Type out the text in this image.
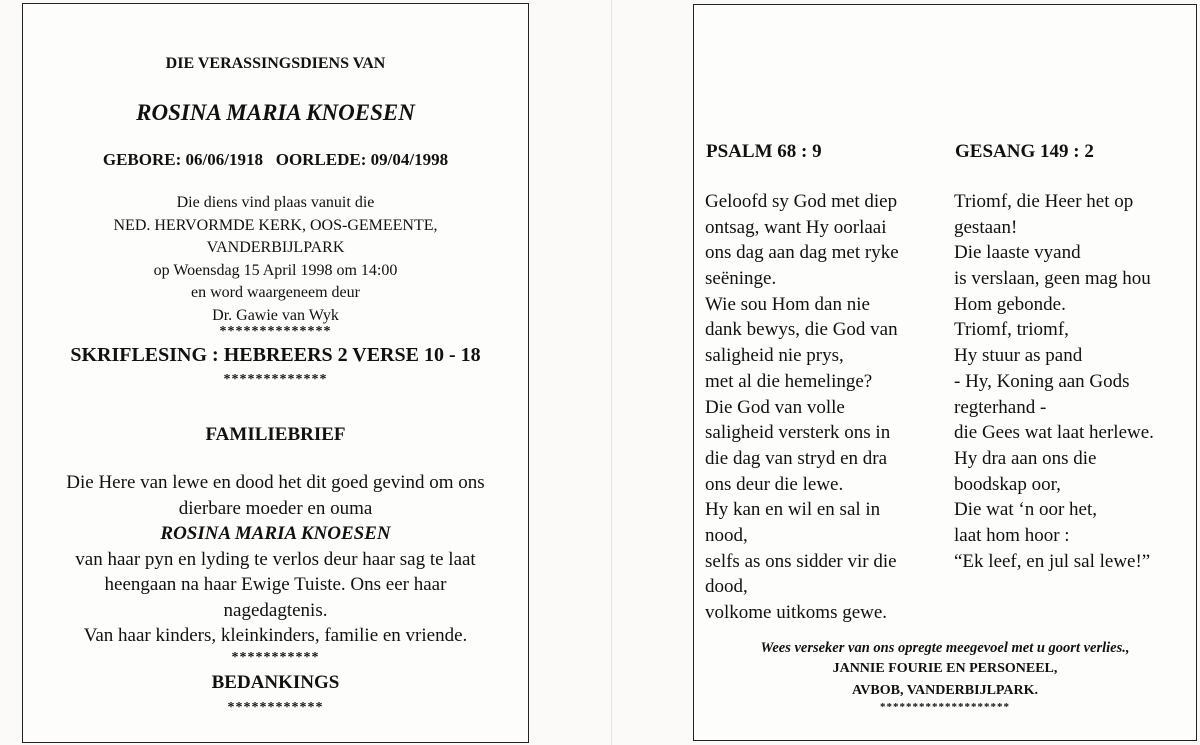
DIE VERASSINGSDIENS VAN
ROSINA MARIA KNOESEN
GEBORE: 06/06/1918 OORLEDE: 09/04/1998
Die diens vind plaas vanuit die
NED. HERVORMDE KERK, OOS-GEMEENTE,
VANDERBIJLPARK
op Woensdag 15 April 1998 om 14:00
en word waargeneem deur
Dr. Gawie van Wyk
**************
SKRIFLESING : HEBREERS 2 VERSE 10 - 18
*************
FAMILIEBRIEF
Die Here van lewe en dood het dit goed gevind om ons
dierbare moeder en ouma
ROSINA MARIA KNOESEN
van haar pyn en lyding te verlos deur haar sag te laat
heengaan na haar Ewige Tuiste. Ons eer haar
nagedagtenis.
Van haar kinders, kleinkinders, familie en vriende.
***********
BEDANKINGS
************
PSALM 68 : 9	GESANG 149 : 2
Geloofd sy God met diep
ontsag, want Hy oorlaai
ons dag aan dag met ryke
seëninge.
Wie sou Hom dan nie
dank bewys, die God van
saligheid nie prys,
met al die hemelinge?
Die God van volle
saligheid versterk ons in
die dag van stryd en dra
ons deur die lewe.
Hy kan en wil en sal in
nood,
selfs as ons sidder vir die
dood,
volkome uitkoms gewe.
Triomf, die Heer het op
gestaan!
Die laaste vyand
is verslaan, geen mag hou
Hom gebonde.
Triomf, triomf,
Hy stuur as pand
- Hy, Koning aan Gods
regterhand -
die Gees wat laat herlewe.
Hy dra aan ons die
boodskap oor,
Die wat ‘n oor het,
laat hom hoor :
“Ek leef, en jul sal lewe!”
Wees verseker van ons opregte meegevoel met u goort verlies.,
JANNIE FOURIE EN PERSONEEL,
AVBOB, VANDERBIJLPARK.
********************
